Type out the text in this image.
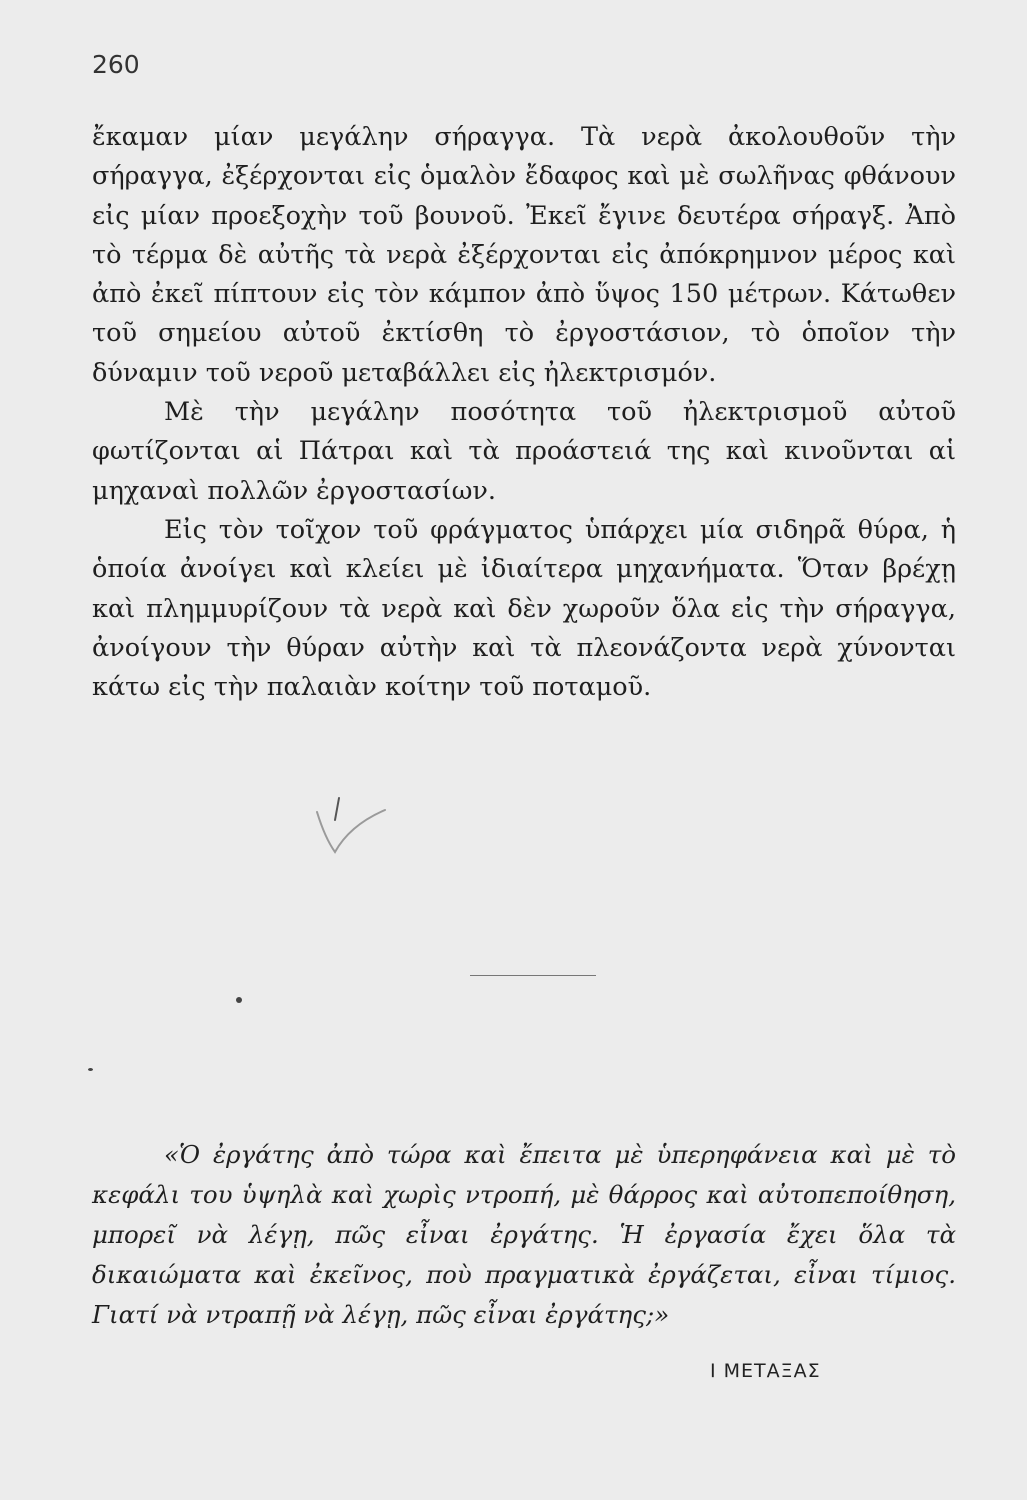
260

ἔκαμαν μίαν μεγάλην σήραγγα. Τὰ νερὰ ἀκολουθοῦν τὴν σήραγγα, ἐξέρχονται εἰς ὁμαλὸν ἔδαφος καὶ μὲ σωλῆνας φθάνουν εἰς μίαν προεξοχὴν τοῦ βουνοῦ. Ἐκεῖ ἔγινε δευτέρα σήραγξ. Ἀπὸ τὸ τέρμα δὲ αὐτῆς τὰ νερὰ ἐξέρχονται εἰς ἀπόκρημνον μέρος καὶ ἀπὸ ἐκεῖ πίπτουν εἰς τὸν κάμπον ἀπὸ ὕψος 150 μέτρων. Κάτωθεν τοῦ σημείου αὐτοῦ ἐκτίσθη τὸ ἐργοστάσιον, τὸ ὁποῖον τὴν δύναμιν τοῦ νεροῦ μεταβάλλει εἰς ἠλεκτρισμόν.

Μὲ τὴν μεγάλην ποσότητα τοῦ ἠλεκτρισμοῦ αὐτοῦ φωτίζονται αἱ Πάτραι καὶ τὰ προάστειά της καὶ κινοῦνται αἱ μηχαναὶ πολλῶν ἐργοστασίων.

Εἰς τὸν τοῖχον τοῦ φράγματος ὑπάρχει μία σιδηρᾶ θύρα, ἡ ὁποία ἀνοίγει καὶ κλείει μὲ ἰδιαίτερα μηχανήματα. Ὅταν βρέχῃ καὶ πλημμυρίζουν τὰ νερὰ καὶ δὲν χωροῦν ὅλα εἰς τὴν σήραγγα, ἀνοίγουν τὴν θύραν αὐτὴν καὶ τὰ πλεονάζοντα νερὰ χύνονται κάτω εἰς τὴν παλαιὰν κοίτην τοῦ ποταμοῦ.

«Ὁ ἐργάτης ἀπὸ τώρα καὶ ἔπειτα μὲ ὑπερηφάνεια καὶ μὲ τὸ κεφάλι του ὑψηλὰ καὶ χωρὶς ντροπή, μὲ θάρρος καὶ αὐτοπεποίθηση, μπορεῖ νὰ λέγῃ, πῶς εἶναι ἐργάτης. Ἡ ἐργασία ἔχει ὅλα τὰ δικαιώματα καὶ ἐκεῖνος, ποὺ πραγματικὰ ἐργάζεται, εἶναι τίμιος. Γιατί νὰ ντραπῇ νὰ λέγῃ, πῶς εἶναι ἐργάτης;»
Ι ΜΕΤΑΞΑΣ
